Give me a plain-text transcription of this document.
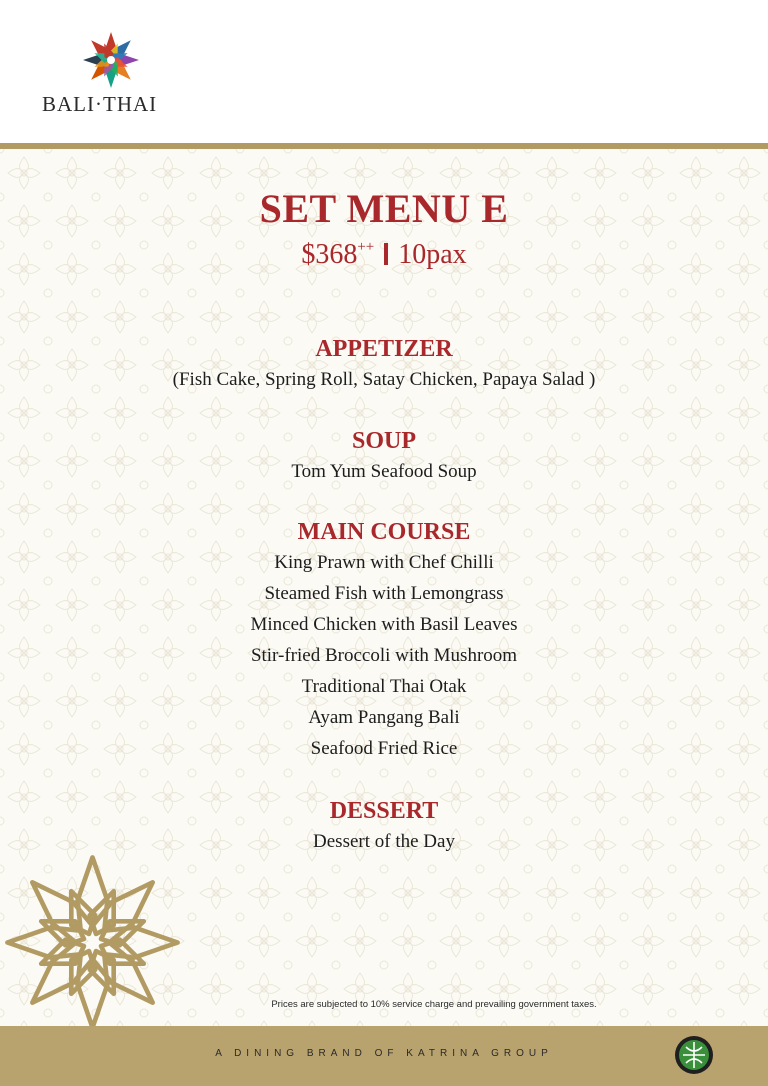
BALI·THAI
SET MENU E
$368++ 10pax
APPETIZER
(Fish Cake, Spring Roll, Satay Chicken, Papaya Salad )
SOUP
Tom Yum Seafood Soup
MAIN COURSE
King Prawn with Chef Chilli
Steamed Fish with Lemongrass
Minced Chicken with Basil Leaves
Stir-fried Broccoli with Mushroom
Traditional Thai Otak
Ayam Pangang Bali
Seafood Fried Rice
DESSERT
Dessert of the Day
Prices are subjected to 10% service charge and prevailing government taxes.
A DINING BRAND OF KATRINA GROUP
